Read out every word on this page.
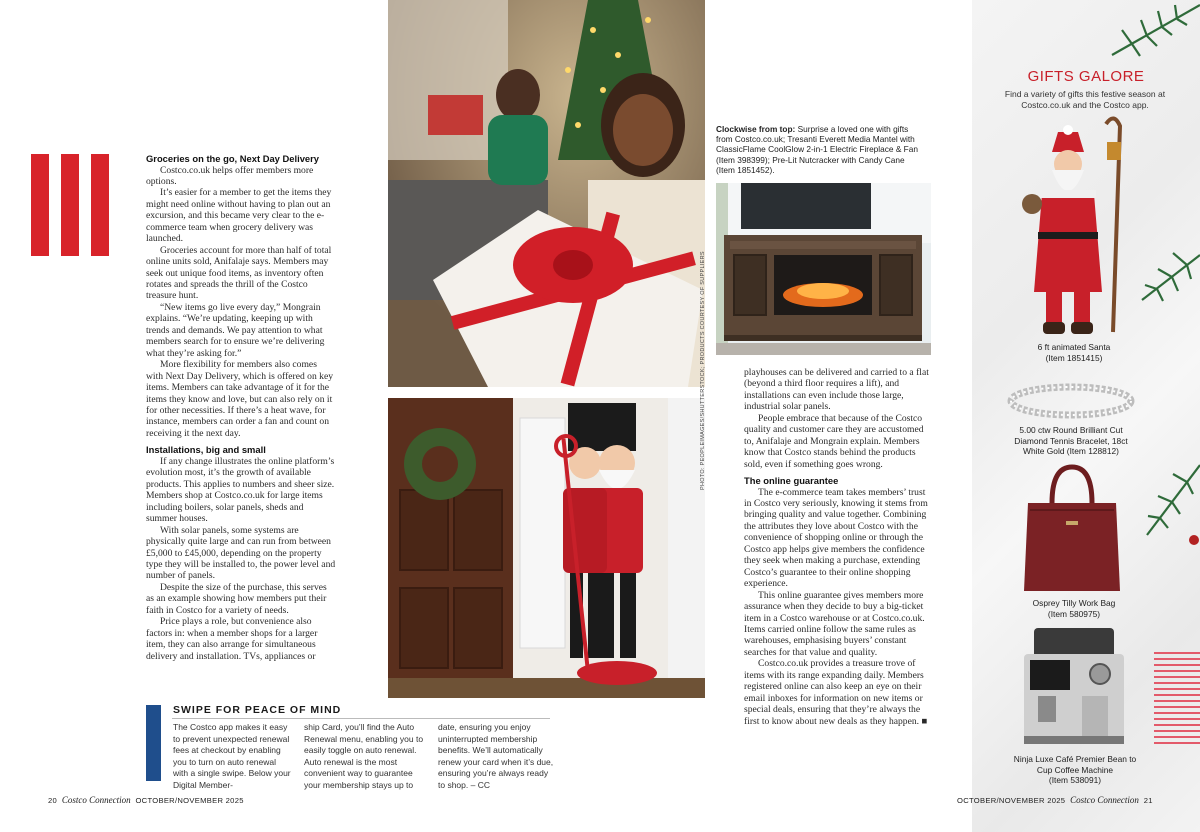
Groceries on the go, Next Day Delivery

Costco.co.uk helps offer members more options.

It’s easier for a member to get the items they might need online without having to plan out an excursion, and this became very clear to the e-commerce team when grocery delivery was launched.

Groceries account for more than half of total online units sold, Anifalaje says. Members may seek out unique food items, as inventory often rotates and spreads the thrill of the Costco treasure hunt.

“New items go live every day,” Mongrain explains. “We’re updating, keeping up with trends and demands. We pay attention to what members search for to ensure we’re delivering what they’re asking for.”

More flexibility for members also comes with Next Day Delivery, which is offered on key items. Members can take advantage of it for the items they know and love, but can also rely on it for other necessities. If there’s a heat wave, for instance, members can order a fan and count on receiving it the next day.

Installations, big and small

If any change illustrates the online platform’s evolution most, it’s the growth of available products. This applies to numbers and sheer size. Members shop at Costco.co.uk for large items including boilers, solar panels, sheds and summer houses.

With solar panels, some systems are physically quite large and can run from between £5,000 to £45,000, depending on the property type they will be installed to, the power level and number of panels.

Despite the size of the purchase, this serves as an example showing how members put their faith in Costco for a variety of needs.

Price plays a role, but convenience also factors in: when a member shops for a larger item, they can also arrange for simultaneous delivery and installation. TVs, appliances or

PHOTO: PEOPLEIMAGES/SHUTTERSTOCK; PRODUCTS COURTESY OF SUPPLIERS
Clockwise from top: Surprise a loved one with gifts from Costco.co.uk; Tresanti Everett Media Mantel with ClassicFlame CoolGlow 2-in-1 Electric Fireplace & Fan (Item 398399); Pre-Lit Nutcracker with Candy Cane (Item 1851452).

playhouses can be delivered and carried to a flat (beyond a third floor requires a lift), and installations can even include those large, industrial solar panels.

People embrace that because of the Costco quality and customer care they are accustomed to, Anifalaje and Mongrain explain. Members know that Costco stands behind the products sold, even if something goes wrong.

The online guarantee

The e-commerce team takes members’ trust in Costco very seriously, knowing it stems from bringing quality and value together. Combining the attributes they love about Costco with the convenience of shopping online or through the Costco app helps give members the confidence they seek when making a purchase, extending Costco’s guarantee to their online shopping experience.

This online guarantee gives members more assurance when they decide to buy a big-ticket item in a Costco warehouse or at Costco.co.uk. Items carried online follow the same rules as warehouses, emphasising buyers’ constant searches for that value and quality.

Costco.co.uk provides a treasure trove of items with its range expanding daily. Members registered online can also keep an eye on their email inboxes for information on new items or special deals, ensuring that they’re always the first to know about new deals as they happen. ■

SWIPE FOR PEACE OF MIND
The Costco app makes it easy to prevent unexpected renewal fees at checkout by enabling you to turn on auto renewal with a single swipe. Below your Digital Member-
ship Card, you’ll find the Auto Renewal menu, enabling you to easily toggle on auto renewal. Auto renewal is the most convenient way to guarantee your membership stays up to
date, ensuring you enjoy uninterrupted membership benefits. We’ll automatically renew your card when it’s due, ensuring you’re always ready to shop. – CC
20 Costco Connection OCTOBER/NOVEMBER 2025
GIFTS GALORE
Find a variety of gifts this festive season at Costco.co.uk and the Costco app.
6 ft animated Santa
(Item 1851415)
5.00 ctw Round Brilliant Cut Diamond Tennis Bracelet, 18ct White Gold (Item 128812)
Osprey Tilly Work Bag
(Item 580975)
Ninja Luxe Café Premier Bean to Cup Coffee Machine
(Item 538091)
OCTOBER/NOVEMBER 2025 Costco Connection 21
